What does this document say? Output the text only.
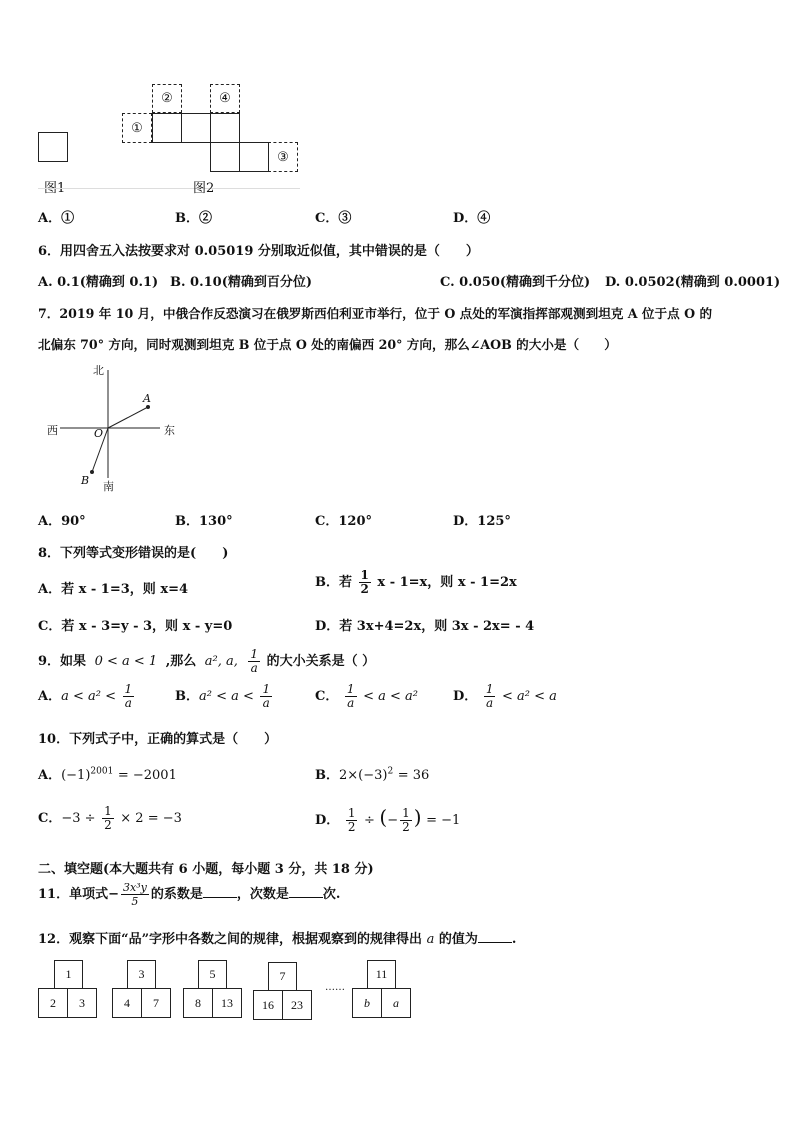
图1
①
②	④
③
图2
A．①	B．②	C．③	D．④
6．用四舍五入法按要求对 0.05019 分别取近似值，其中错误的是（　　）
A. 0.1(精确到 0.1) B. 0.10(精确到百分位)	C. 0.050(精确到千分位) D. 0.0502(精确到 0.0001)
7．2019 年 10 月，中俄合作反恐演习在俄罗斯西伯利亚市举行，位于 O 点处的军演指挥部观测到坦克 A 位于点 O 的
北偏东 70° 方向，同时观测到坦克 B 位于点 O 处的南偏西 20° 方向，那么∠AOB 的大小是（　　）
北
南
西	东
O
A
B
A．90°	B．130°	C．120°	D．125°
8．下列等式变形错误的是(　　)
A．若 x - 1=3，则 x=4	B．若 $\frac{1}{2}$ x - 1=x，则 x - 1=2x
C．若 x - 3=y - 3，则 x - y=0	D．若 3x+4=2x，则 3x - 2x= - 4
9．如果 0 < a < 1 ,那么 a², a, $\frac{1}{a}$ 的大小关系是（ ）
A．$a < a^2 < \frac{1}{a}$	B．$a^2 < a < \frac{1}{a}$	C． $\frac{1}{a} < a < a^2$	D． $\frac{1}{a} < a^2 < a$
10．下列式子中，正确的算式是（　　）
A．$(-1)^{2001} = -2001$	B．$2\times(-3)^2 = 36$
C．$-3 \div \frac{1}{2} \times 2 = -3$	D． $\frac{1}{2}$ ÷ (− $\frac{1}{2}$ ) = −1
二、填空题(本大题共有 6 小题，每小题 3 分，共 18 分)
11．单项式− $\frac{\text{3x³y}}{5}$ 的系数是	，次数是	次.
12．观察下面“品”字形中各数之间的规律，根据观察到的规律得出 a 的值为	.
1
2	3
3
4	7
5
8	13
7
16	23
……
11
b	a
